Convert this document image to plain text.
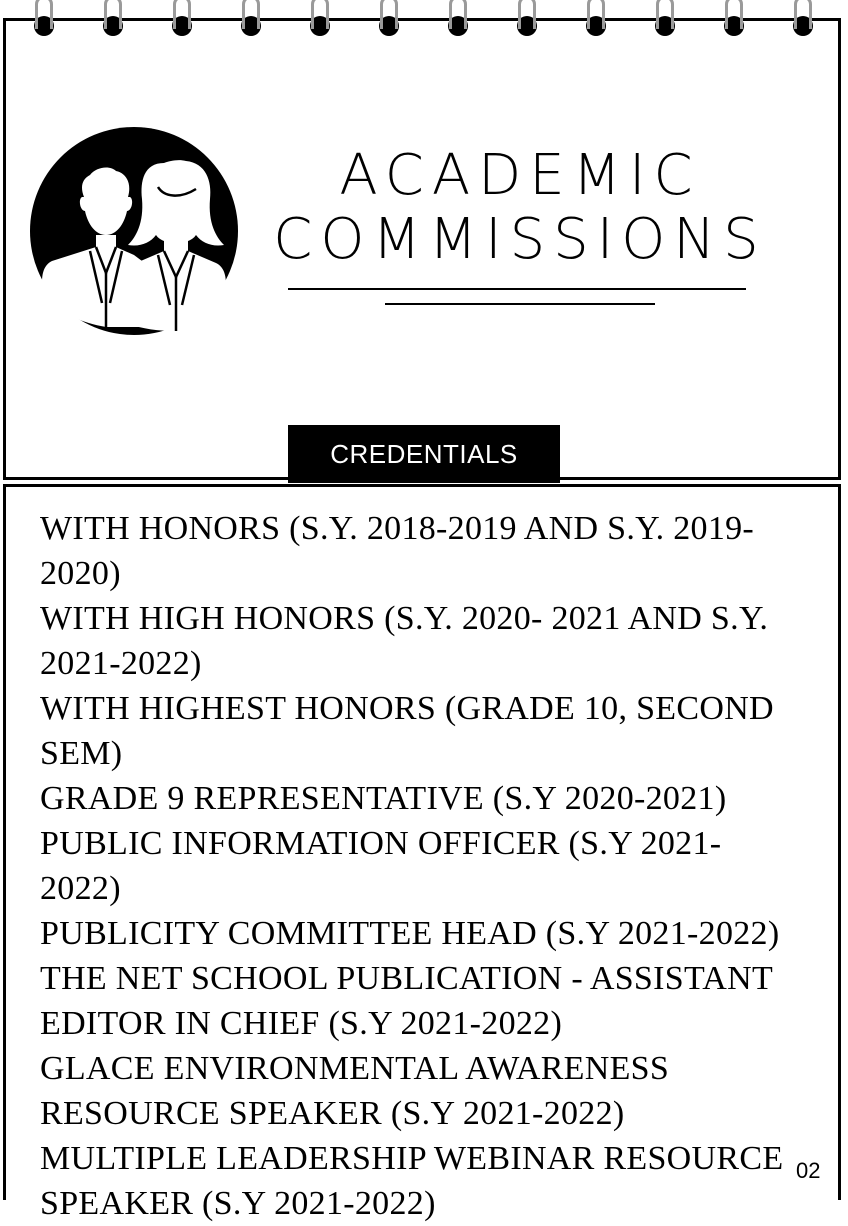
ACADEMIC
COMMISSIONS
CREDENTIALS
WITH HONORS (S.Y. 2018-2019 AND S.Y. 2019-2020)
WITH HIGH HONORS (S.Y. 2020- 2021 AND S.Y. 2021-2022)
WITH HIGHEST HONORS (GRADE 10, SECOND SEM)
GRADE 9 REPRESENTATIVE (S.Y 2020-2021)
PUBLIC INFORMATION OFFICER (S.Y 2021-2022)
PUBLICITY COMMITTEE HEAD (S.Y 2021-2022)
THE NET SCHOOL PUBLICATION - ASSISTANT EDITOR IN CHIEF (S.Y 2021-2022)
GLACE ENVIRONMENTAL AWARENESS RESOURCE SPEAKER (S.Y 2021-2022)
MULTIPLE LEADERSHIP WEBINAR RESOURCE SPEAKER (S.Y 2021-2022)
02
